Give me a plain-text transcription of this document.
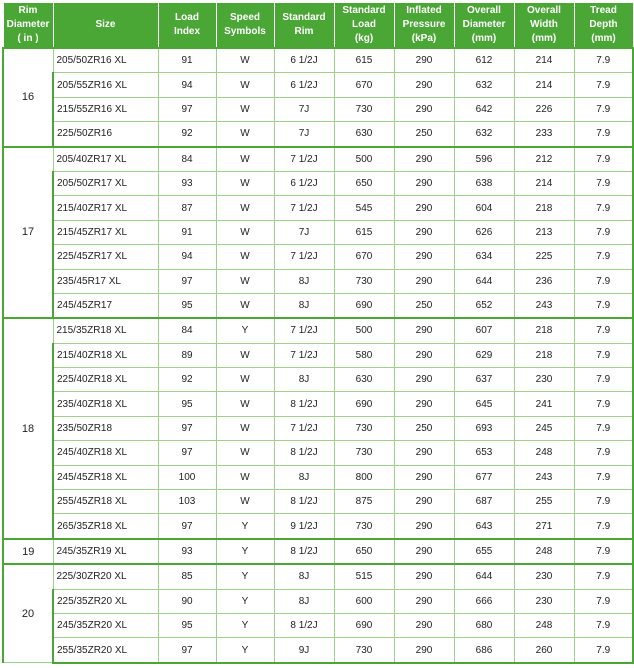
Rim
Diameter
( in )	Size	Load
Index	Speed
Symbols	Standard
Rim	Standard
Load
(kg)	Inflated
Pressure
(kPa)	Overall
Diameter
(mm)	Overall
Width
(mm)	Tread
Depth
(mm)

16	205/50ZR16 XL	91	W	6 1/2J	615	290	612	214	7.9
	205/55ZR16 XL	94	W	6 1/2J	670	290	632	214	7.9
	215/55ZR16 XL	97	W	7J	730	290	642	226	7.9
	225/50ZR16	92	W	7J	630	250	632	233	7.9
17	205/40ZR17 XL	84	W	7 1/2J	500	290	596	212	7.9
	205/50ZR17 XL	93	W	6 1/2J	650	290	638	214	7.9
	215/40ZR17 XL	87	W	7 1/2J	545	290	604	218	7.9
	215/45ZR17 XL	91	W	7J	615	290	626	213	7.9
	225/45ZR17 XL	94	W	7 1/2J	670	290	634	225	7.9
	235/45R17 XL	97	W	8J	730	290	644	236	7.9
	245/45ZR17	95	W	8J	690	250	652	243	7.9
18	215/35ZR18 XL	84	Y	7 1/2J	500	290	607	218	7.9
	215/40ZR18 XL	89	W	7 1/2J	580	290	629	218	7.9
	225/40ZR18 XL	92	W	8J	630	290	637	230	7.9
	235/40ZR18 XL	95	W	8 1/2J	690	290	645	241	7.9
	235/50ZR18	97	W	7 1/2J	730	250	693	245	7.9
	245/40ZR18 XL	97	W	8 1/2J	730	290	653	248	7.9
	245/45ZR18 XL	100	W	8J	800	290	677	243	7.9
	255/45ZR18 XL	103	W	8 1/2J	875	290	687	255	7.9
	265/35ZR18 XL	97	Y	9 1/2J	730	290	643	271	7.9
19	245/35ZR19 XL	93	Y	8 1/2J	650	290	655	248	7.9
20	225/30ZR20 XL	85	Y	8J	515	290	644	230	7.9
	225/35ZR20 XL	90	Y	8J	600	290	666	230	7.9
	245/35ZR20 XL	95	Y	8 1/2J	690	290	680	248	7.9
	255/35ZR20 XL	97	Y	9J	730	290	686	260	7.9
